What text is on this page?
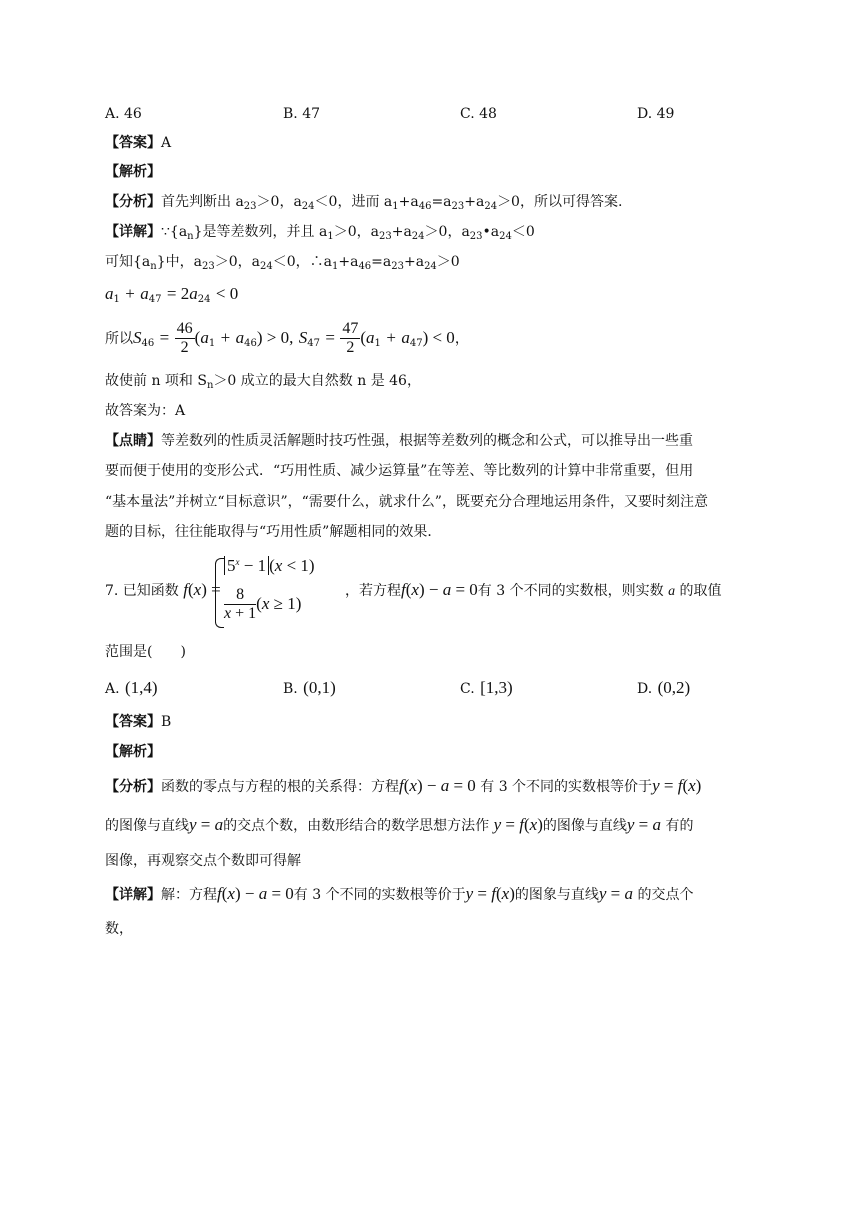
A. 46	B. 47	C. 48	D. 49
【答案】A
【解析】
【分析】首先判断出 $a_{23}>0$，$a_{24}<0$，进而 $a_1+a_{46}=a_{23}+a_{24}>0$，所以可得答案.
【详解】$\because\{a_n\}$是等差数列，并且 $a_1>0$，$a_{23}+a_{24}>0$，$a_{23}•a_{24}<0$
可知$\{a_n\}$中，$a_{23}>0$，$a_{24}<0$，$\therefore a_1+a_{46}=a_{23}+a_{24}>0$
$a_1 + a_{47} = 2a_{24} < 0$
所以$S_{46} = \frac{46}{2} (a_1 + a_{46}) > 0$, $S_{47} = \frac{47}{2} (a_1 + a_{47}) < 0$，
故使前 n 项和 $S_n>0$ 成立的最大自然数 n 是 46，
故答案为：A
【点睛】等差数列的性质灵活解题时技巧性强，根据等差数列的概念和公式，可以推导出一些重
要而便于使用的变形公式．“巧用性质、减少运算量”在等差、等比数列的计算中非常重要，但用
“基本量法”并树立“目标意识”，“需要什么，就求什么”，既要充分合理地运用条件，又要时刻注意
题的目标，往往能取得与“巧用性质”解题相同的效果．
7. 已知函数 f(x) =
$5^x - 1$ (x < 1)
$\frac{8}{x + 1} (x \ge 1)$
，若方程f(x) − a = 0有 3 个不同的实数根，则实数 a 的取值
范围是(　　)
A. (1,4)	B. (0,1)	C. [1,3)	D. (0,2)
【答案】B
【解析】
【分析】函数的零点与方程的根的关系得：方程f(x) − a = 0 有 3 个不同的实数根等价于y = f(x)
的图像与直线y = a的交点个数，由数形结合的数学思想方法作 y = f(x)的图像与直线y = a 有的
图像，再观察交点个数即可得解
【详解】解：方程f(x) − a = 0有 3 个不同的实数根等价于y = f(x)的图象与直线y = a 的交点个
数，
